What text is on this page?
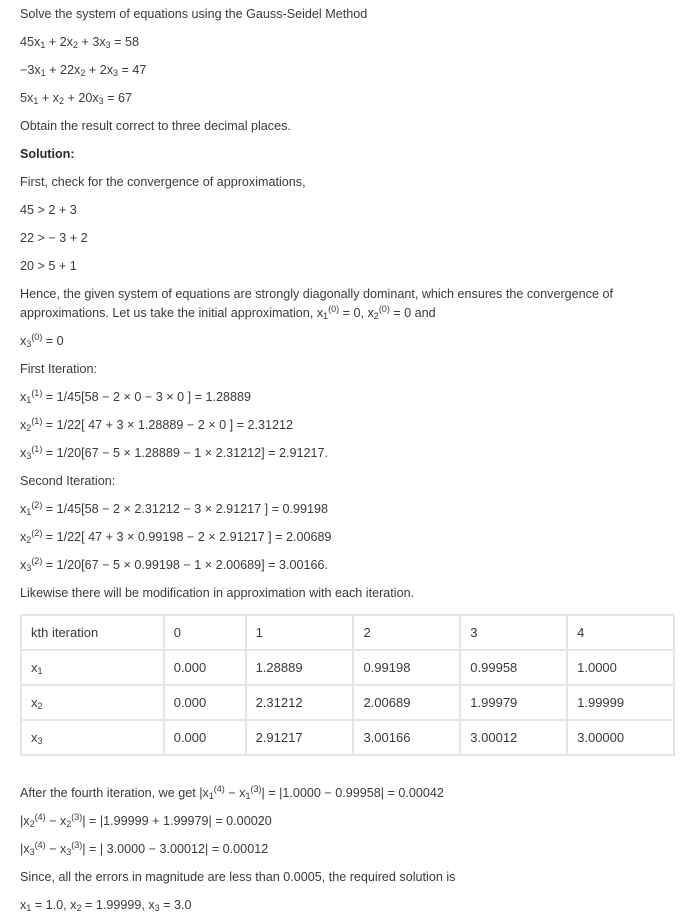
Solve the system of equations using the Gauss-Seidel Method
$45x_1 + 2x_2 + 3x_3 = 58$
$-3x_1 + 22x_2 + 2x_3 = 47$
$5x_1 + x_2 + 20x_3 = 67$
Obtain the result correct to three decimal places.
Solution:
First, check for the convergence of approximations,
45 > 2 + 3
22 > − 3 + 2
20 > 5 + 1
Hence, the given system of equations are strongly diagonally dominant, which ensures the convergence of approximations. Let us take the initial approximation, $x_1^{(0)} = 0$, $x_2^{(0)} = 0$ and
$x_3^{(0)} = 0$
First Iteration:
$x_1^{(1)} = 1/45[58 - 2 \times 0 - 3 \times 0$ ] = 1.28889
$x_2^{(1)} = 1/22$[ 47 + 3 × 1.28889 − 2 × 0 ] = 2.31212
$x_3^{(1)} = 1/20[67 - 5 \times 1.28889 - 1 \times 2.31212] = 2.91217$.
Second Iteration:
$x_1^{(2)} = 1/45[58 - 2 \times 2.31212 - 3 \times 2.91217$ ] = 0.99198
$x_2^{(2)} = 1/22$[ 47 + 3 × 0.99198 − 2 × 2.91217 ] = 2.00689
$x_3^{(2)} = 1/20[67 - 5 \times 0.99198 - 1 \times 2.00689] = 3.00166$.
Likewise there will be modification in approximation with each iteration.
kth iteration	0	1	2	3	4
$x_1$	0.000	1.28889	0.99198	0.99958	1.0000
$x_2$	0.000	2.31212	2.00689	1.99979	1.99999
$x_3$	0.000	2.91217	3.00166	3.00012	3.00000
After the fourth iteration, we get $|x_1^{(4)} - x_1^{(3)}| = |1.0000 - 0.99958| = 0.00042$
$|x_2^{(4)} - x_2^{(3)}| = |1.99999 + 1.99979| = 0.00020$
$|x_3^{(4)} - x_3^{(3)}|$ = | 3.0000 − 3.00012| = 0.00012
Since, all the errors in magnitude are less than 0.0005, the required solution is
$x_1 = 1.0$, $x_2 = 1.99999$, $x_3 = 3.0$
